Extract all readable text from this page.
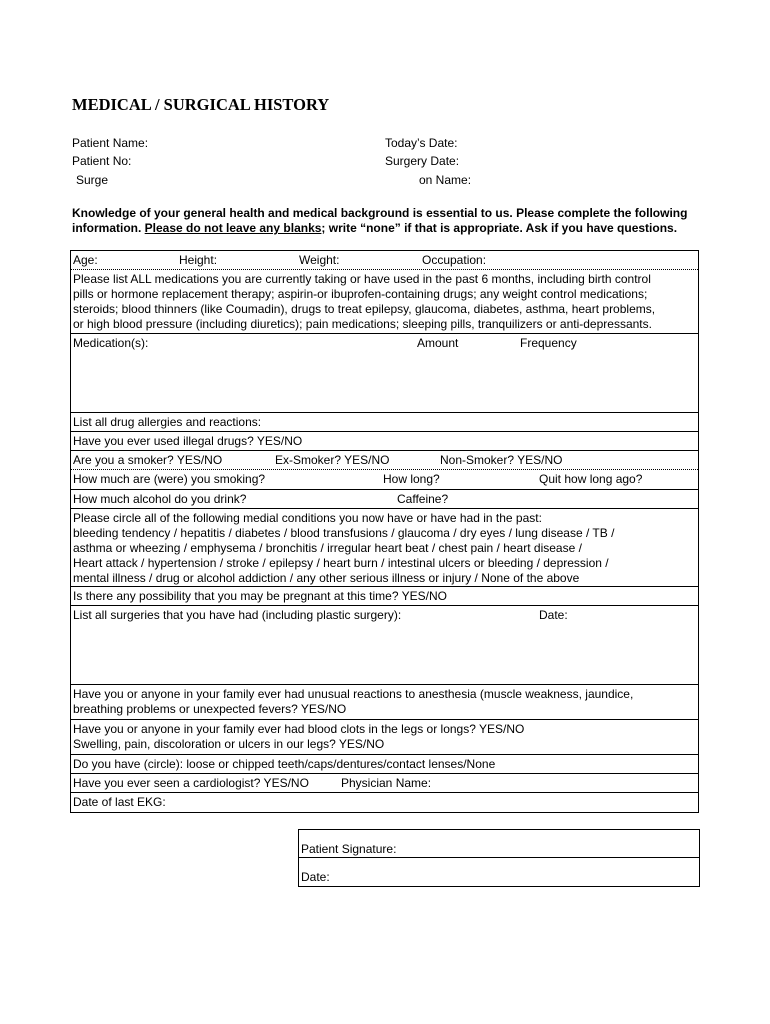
MEDICAL / SURGICAL HISTORY
Patient Name:	Today’s Date:
Patient No:	Surgery Date:
Surge	on Name:
Knowledge of your general health and medical background is essential to us. Please complete the following information. Please do not leave any blanks; write “none” if that is appropriate. Ask if you have questions.
Age:	Height:	Weight:	Occupation:
Please list ALL medications you are currently taking or have used in the past 6 months, including birth control
pills or hormone replacement therapy; aspirin-or ibuprofen-containing drugs; any weight control medications;
steroids; blood thinners (like Coumadin), drugs to treat epilepsy, glaucoma, diabetes, asthma, heart problems,
or high blood pressure (including diuretics); pain medications; sleeping pills, tranquilizers or anti-depressants.
Medication(s):	Amount	Frequency
List all drug allergies and reactions:
Have you ever used illegal drugs? YES/NO
Are you a smoker? YES/NO	Ex-Smoker? YES/NO	Non-Smoker? YES/NO
How much are (were) you smoking?	How long?	Quit how long ago?
How much alcohol do you drink?	Caffeine?
Please circle all of the following medial conditions you now have or have had in the past:
bleeding tendency / hepatitis / diabetes / blood transfusions / glaucoma / dry eyes / lung disease / TB /
asthma or wheezing / emphysema / bronchitis / irregular heart beat / chest pain / heart disease /
Heart attack / hypertension / stroke / epilepsy / heart burn / intestinal ulcers or bleeding / depression /
mental illness / drug or alcohol addiction / any other serious illness or injury / None of the above
Is there any possibility that you may be pregnant at this time? YES/NO
List all surgeries that you have had (including plastic surgery):	Date:
Have you or anyone in your family ever had unusual reactions to anesthesia (muscle weakness, jaundice,
breathing problems or unexpected fevers? YES/NO
Have you or anyone in your family ever had blood clots in the legs or longs? YES/NO
Swelling, pain, discoloration or ulcers in our legs? YES/NO
Do you have (circle): loose or chipped teeth/caps/dentures/contact lenses/None
Have you ever seen a cardiologist? YES/NO	Physician Name:
Date of last EKG:
Patient Signature:
Date:
